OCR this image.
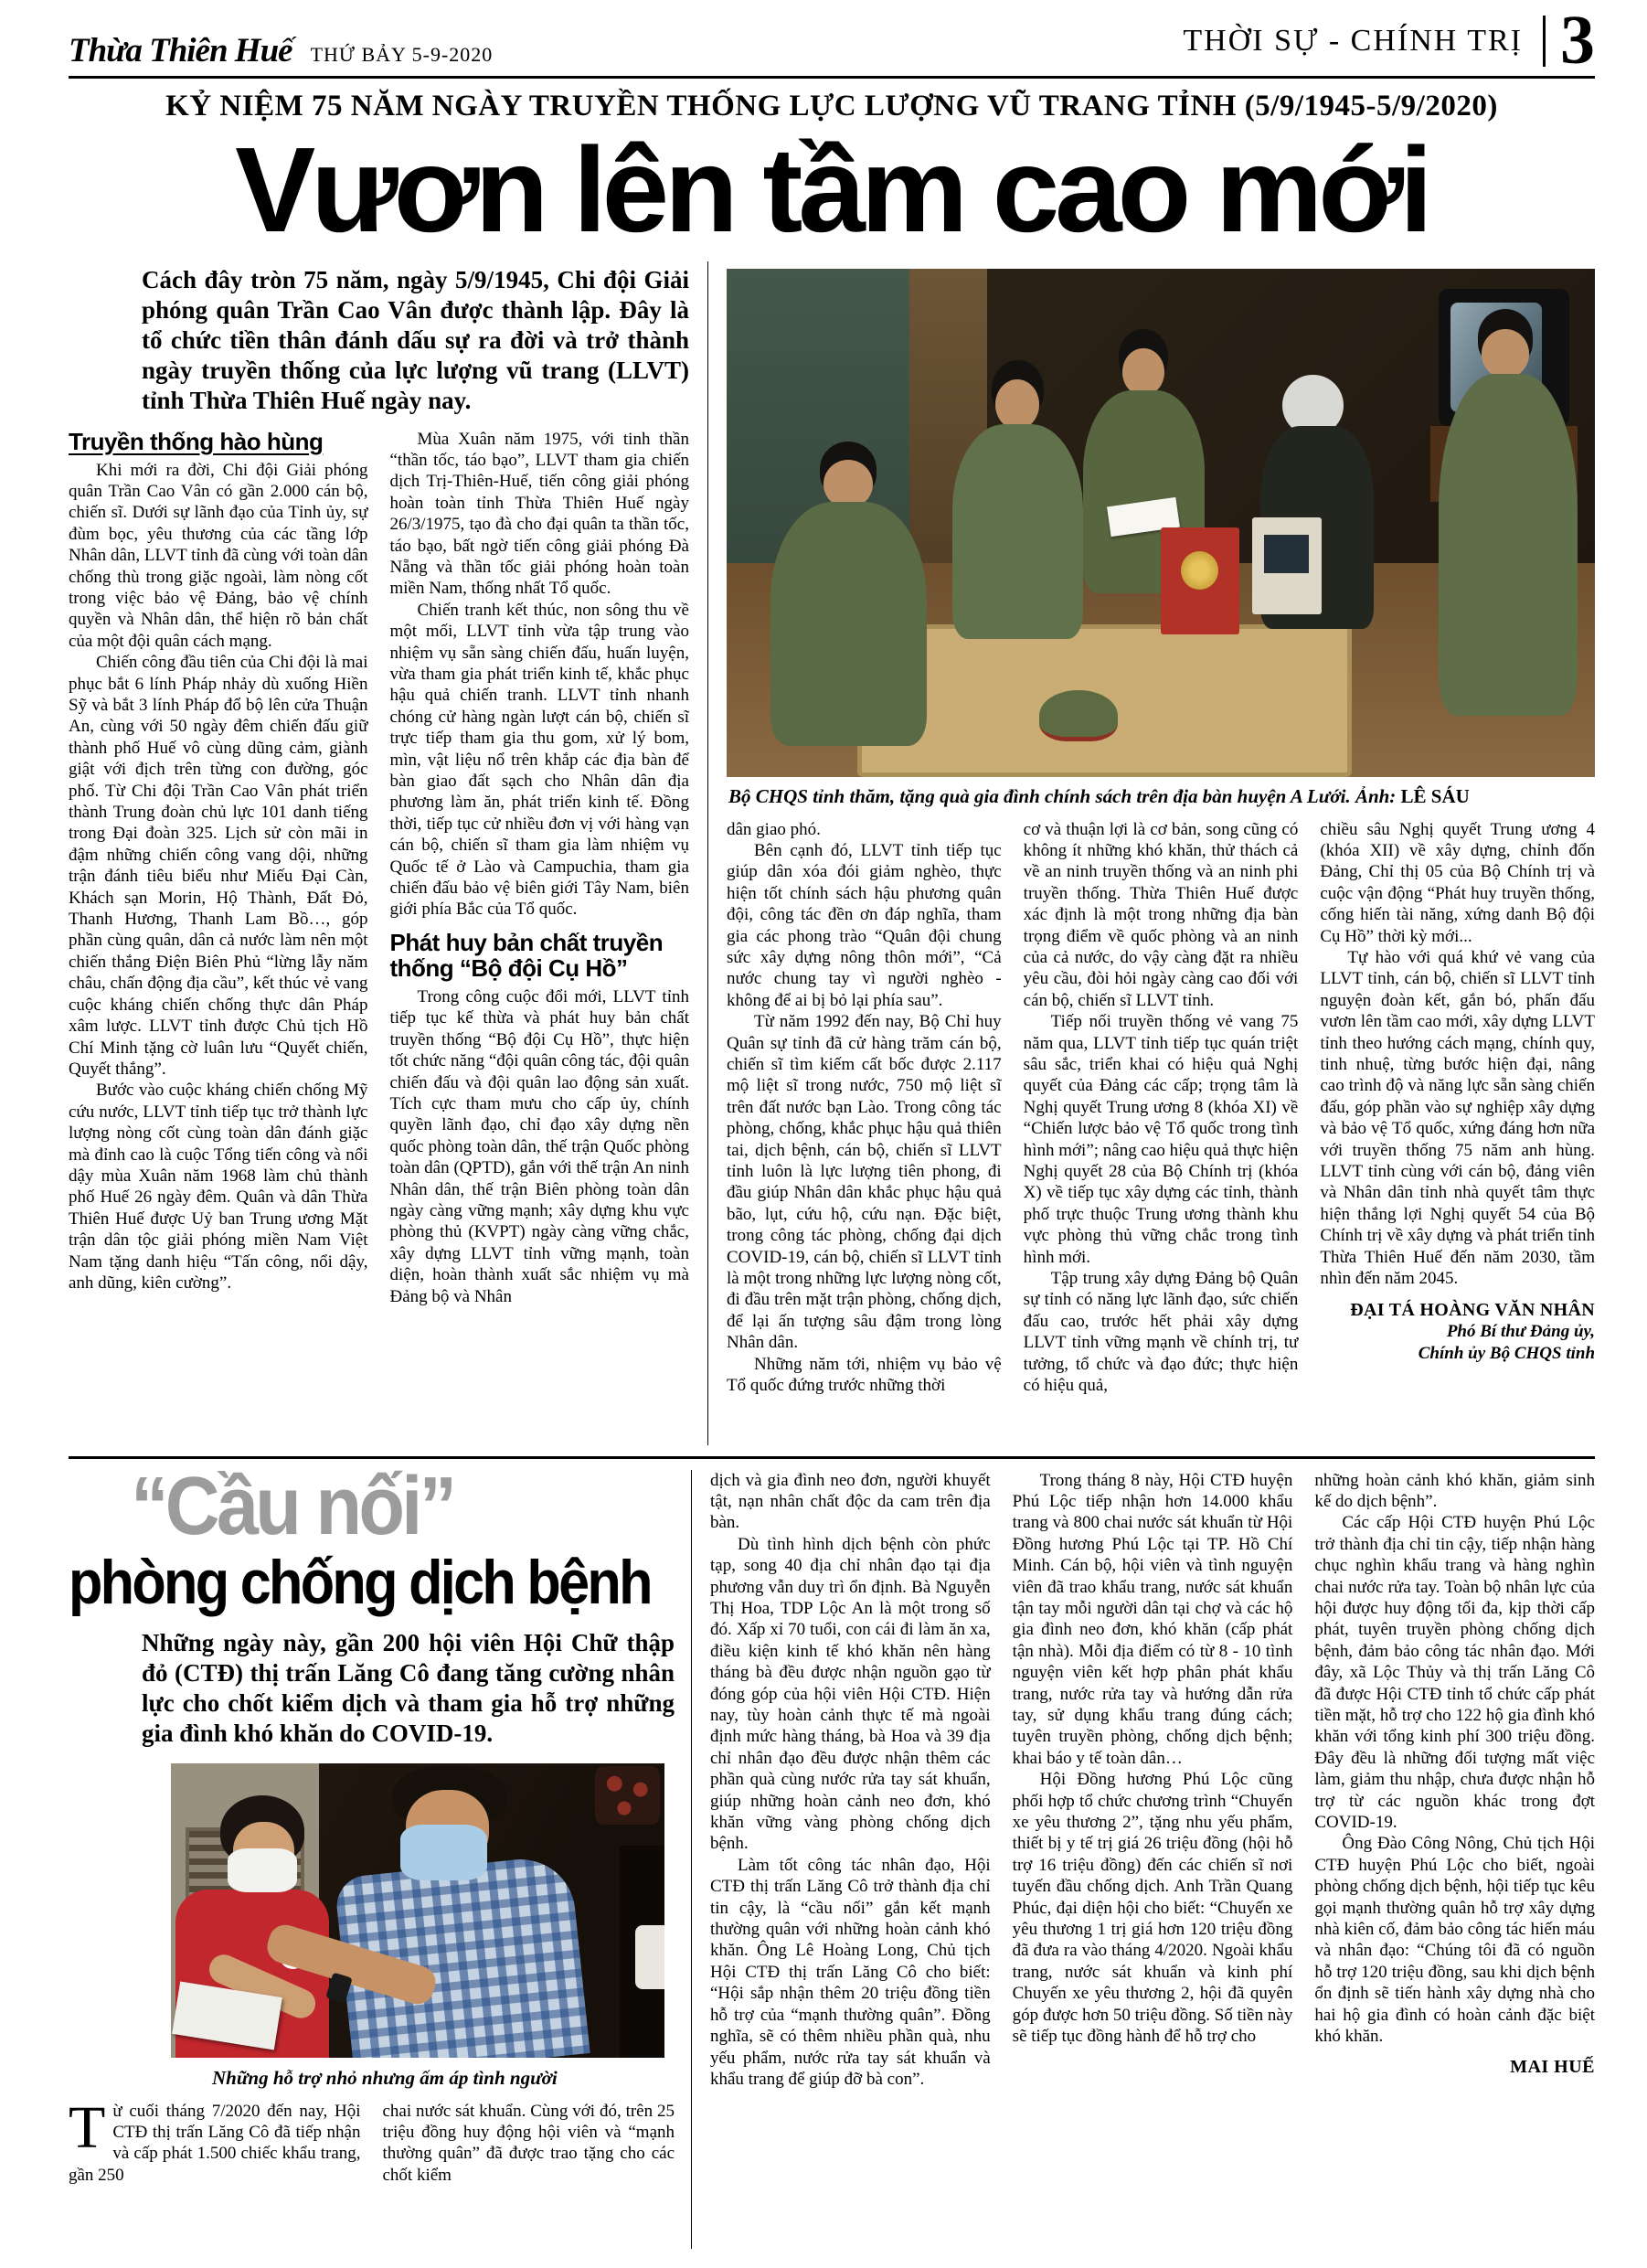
Thừa Thiên Huế THỨ BẢY 5-9-2020	THỜI SỰ - CHÍNH TRỊ 3
KỶ NIỆM 75 NĂM NGÀY TRUYỀN THỐNG LỰC LƯỢNG VŨ TRANG TỈNH (5/9/1945-5/9/2020)
Vươn lên tầm cao mới
Cách đây tròn 75 năm, ngày 5/9/1945, Chi đội Giải phóng quân Trần Cao Vân được thành lập. Đây là tổ chức tiền thân đánh dấu sự ra đời và trở thành ngày truyền thống của lực lượng vũ trang (LLVT) tỉnh Thừa Thiên Huế ngày nay.
Truyền thống hào hùng

Khi mới ra đời, Chi đội Giải phóng quân Trần Cao Vân có gần 2.000 cán bộ, chiến sĩ. Dưới sự lãnh đạo của Tỉnh ủy, sự đùm bọc, yêu thương của các tầng lớp Nhân dân, LLVT tỉnh đã cùng với toàn dân chống thù trong giặc ngoài, làm nòng cốt trong việc bảo vệ Đảng, bảo vệ chính quyền và Nhân dân, thể hiện rõ bản chất của một đội quân cách mạng.

Chiến công đầu tiên của Chi đội là mai phục bắt 6 lính Pháp nhảy dù xuống Hiền Sỹ và bắt 3 lính Pháp đổ bộ lên cửa Thuận An, cùng với 50 ngày đêm chiến đấu giữ thành phố Huế vô cùng dũng cảm, giành giật với địch trên từng con đường, góc phố. Từ Chi đội Trần Cao Vân phát triển thành Trung đoàn chủ lực 101 danh tiếng trong Đại đoàn 325. Lịch sử còn mãi in đậm những chiến công vang dội, những trận đánh tiêu biểu như Miếu Đại Càn, Khách sạn Morin, Hộ Thành, Đất Đỏ, Thanh Hương, Thanh Lam Bồ…, góp phần cùng quân, dân cả nước làm nên một chiến thắng Điện Biên Phủ “lừng lẫy năm châu, chấn động địa cầu”, kết thúc vẻ vang cuộc kháng chiến chống thực dân Pháp xâm lược. LLVT tỉnh được Chủ tịch Hồ Chí Minh tặng cờ luân lưu “Quyết chiến, Quyết thắng”.

Bước vào cuộc kháng chiến chống Mỹ cứu nước, LLVT tỉnh tiếp tục trở thành lực lượng nòng cốt cùng toàn dân đánh giặc mà đỉnh cao là cuộc Tổng tiến công và nổi dậy mùa Xuân năm 1968 làm chủ thành phố Huế 26 ngày đêm. Quân và dân Thừa Thiên Huế được Uỷ ban Trung ương Mặt trận dân tộc giải phóng miền Nam Việt Nam tặng danh hiệu “Tấn công, nổi dậy, anh dũng, kiên cường”.

Mùa Xuân năm 1975, với tinh thần “thần tốc, táo bạo”, LLVT tham gia chiến dịch Trị-Thiên-Huế, tiến công giải phóng hoàn toàn tỉnh Thừa Thiên Huế ngày 26/3/1975, tạo đà cho đại quân ta thần tốc, táo bạo, bất ngờ tiến công giải phóng Đà Nẵng và thần tốc giải phóng hoàn toàn miền Nam, thống nhất Tổ quốc.

Chiến tranh kết thúc, non sông thu về một mối, LLVT tỉnh vừa tập trung vào nhiệm vụ sẵn sàng chiến đấu, huấn luyện, vừa tham gia phát triển kinh tế, khắc phục hậu quả chiến tranh. LLVT tỉnh nhanh chóng cử hàng ngàn lượt cán bộ, chiến sĩ trực tiếp tham gia thu gom, xử lý bom, mìn, vật liệu nổ trên khắp các địa bàn để bàn giao đất sạch cho Nhân dân địa phương làm ăn, phát triển kinh tế. Đồng thời, tiếp tục cử nhiều đơn vị với hàng vạn cán bộ, chiến sĩ tham gia làm nhiệm vụ Quốc tế ở Lào và Campuchia, tham gia chiến đấu bảo vệ biên giới Tây Nam, biên giới phía Bắc của Tổ quốc.

Phát huy bản chất truyền thống “Bộ đội Cụ Hồ”

Trong công cuộc đổi mới, LLVT tỉnh tiếp tục kế thừa và phát huy bản chất truyền thống “Bộ đội Cụ Hồ”, thực hiện tốt chức năng “đội quân công tác, đội quân chiến đấu và đội quân lao động sản xuất. Tích cực tham mưu cho cấp ủy, chính quyền lãnh đạo, chỉ đạo xây dựng nền quốc phòng toàn dân, thế trận Quốc phòng toàn dân (QPTD), gắn với thế trận An ninh Nhân dân, thế trận Biên phòng toàn dân ngày càng vững mạnh; xây dựng khu vực phòng thủ (KVPT) ngày càng vững chắc, xây dựng LLVT tỉnh vững mạnh, toàn diện, hoàn thành xuất sắc nhiệm vụ mà Đảng bộ và Nhân

Bộ CHQS tỉnh thăm, tặng quà gia đình chính sách trên địa bàn huyện A Lưới. Ảnh: LÊ SÁU

dân giao phó.

Bên cạnh đó, LLVT tỉnh tiếp tục giúp dân xóa đói giảm nghèo, thực hiện tốt chính sách hậu phương quân đội, công tác đền ơn đáp nghĩa, tham gia các phong trào “Quân đội chung sức xây dựng nông thôn mới”, “Cả nước chung tay vì người nghèo - không để ai bị bỏ lại phía sau”.

Từ năm 1992 đến nay, Bộ Chỉ huy Quân sự tỉnh đã cử hàng trăm cán bộ, chiến sĩ tìm kiếm cất bốc được 2.117 mộ liệt sĩ trong nước, 750 mộ liệt sĩ trên đất nước bạn Lào. Trong công tác phòng, chống, khắc phục hậu quả thiên tai, dịch bệnh, cán bộ, chiến sĩ LLVT tỉnh luôn là lực lượng tiên phong, đi đầu giúp Nhân dân khắc phục hậu quả bão, lụt, cứu hộ, cứu nạn. Đặc biệt, trong công tác phòng, chống đại dịch COVID-19, cán bộ, chiến sĩ LLVT tỉnh là một trong những lực lượng nòng cốt, đi đầu trên mặt trận phòng, chống dịch, để lại ấn tượng sâu đậm trong lòng Nhân dân.

Những năm tới, nhiệm vụ bảo vệ Tổ quốc đứng trước những thời

cơ và thuận lợi là cơ bản, song cũng có không ít những khó khăn, thử thách cả về an ninh truyền thống và an ninh phi truyền thống. Thừa Thiên Huế được xác định là một trong những địa bàn trọng điểm về quốc phòng và an ninh của cả nước, do vậy càng đặt ra nhiều yêu cầu, đòi hỏi ngày càng cao đối với cán bộ, chiến sĩ LLVT tỉnh.

Tiếp nối truyền thống vẻ vang 75 năm qua, LLVT tỉnh tiếp tục quán triệt sâu sắc, triển khai có hiệu quả Nghị quyết của Đảng các cấp; trọng tâm là Nghị quyết Trung ương 8 (khóa XI) về “Chiến lược bảo vệ Tổ quốc trong tình hình mới”; nâng cao hiệu quả thực hiện Nghị quyết 28 của Bộ Chính trị (khóa X) về tiếp tục xây dựng các tỉnh, thành phố trực thuộc Trung ương thành khu vực phòng thủ vững chắc trong tình hình mới.

Tập trung xây dựng Đảng bộ Quân sự tỉnh có năng lực lãnh đạo, sức chiến đấu cao, trước hết phải xây dựng LLVT tỉnh vững mạnh về chính trị, tư tưởng, tổ chức và đạo đức; thực hiện có hiệu quả,

chiều sâu Nghị quyết Trung ương 4 (khóa XII) về xây dựng, chỉnh đốn Đảng, Chỉ thị 05 của Bộ Chính trị và cuộc vận động “Phát huy truyền thống, cống hiến tài năng, xứng danh Bộ đội Cụ Hồ” thời kỳ mới...

Tự hào với quá khứ vẻ vang của LLVT tỉnh, cán bộ, chiến sĩ LLVT tỉnh nguyện đoàn kết, gắn bó, phấn đấu vươn lên tầm cao mới, xây dựng LLVT tỉnh theo hướng cách mạng, chính quy, tinh nhuệ, từng bước hiện đại, nâng cao trình độ và năng lực sẵn sàng chiến đấu, góp phần vào sự nghiệp xây dựng và bảo vệ Tổ quốc, xứng đáng hơn nữa với truyền thống 75 năm anh hùng. LLVT tỉnh cùng với cán bộ, đảng viên và Nhân dân tỉnh nhà quyết tâm thực hiện thắng lợi Nghị quyết 54 của Bộ Chính trị về xây dựng và phát triển tỉnh Thừa Thiên Huế đến năm 2030, tầm nhìn đến năm 2045.

ĐẠI TÁ HOÀNG VĂN NHÂN
Phó Bí thư Đảng ủy,
Chính ủy Bộ CHQS tỉnh
“Cầu nối”
phòng chống dịch bệnh
Những ngày này, gần 200 hội viên Hội Chữ thập đỏ (CTĐ) thị trấn Lăng Cô đang tăng cường nhân lực cho chốt kiểm dịch và tham gia hỗ trợ những gia đình khó khăn do COVID-19.
Những hỗ trợ nhỏ nhưng ấm áp tình người

Từ cuối tháng 7/2020 đến nay, Hội CTĐ thị trấn Lăng Cô đã tiếp nhận và cấp phát 1.500 chiếc khẩu trang, gần 250

chai nước sát khuẩn. Cùng với đó, trên 25 triệu đồng huy động hội viên và “mạnh thường quân” đã được trao tặng cho các chốt kiểm

dịch và gia đình neo đơn, người khuyết tật, nạn nhân chất độc da cam trên địa bàn.

Dù tình hình dịch bệnh còn phức tạp, song 40 địa chỉ nhân đạo tại địa phương vẫn duy trì ổn định. Bà Nguyễn Thị Hoa, TDP Lộc An là một trong số đó. Xấp xỉ 70 tuổi, con cái đi làm ăn xa, điều kiện kinh tế khó khăn nên hàng tháng bà đều được nhận nguồn gạo từ đóng góp của hội viên Hội CTĐ. Hiện nay, tùy hoàn cảnh thực tế mà ngoài định mức hàng tháng, bà Hoa và 39 địa chỉ nhân đạo đều được nhận thêm các phần quà cùng nước rửa tay sát khuẩn, giúp những hoàn cảnh neo đơn, khó khăn vững vàng phòng chống dịch bệnh.

Làm tốt công tác nhân đạo, Hội CTĐ thị trấn Lăng Cô trở thành địa chỉ tin cậy, là “cầu nối” gắn kết mạnh thường quân với những hoàn cảnh khó khăn. Ông Lê Hoàng Long, Chủ tịch Hội CTĐ thị trấn Lăng Cô cho biết: “Hội sắp nhận thêm 20 triệu đồng tiền hỗ trợ của “mạnh thường quân”. Đồng nghĩa, sẽ có thêm nhiều phần quà, nhu yếu phẩm, nước rửa tay sát khuẩn và khẩu trang để giúp đỡ bà con”.

Trong tháng 8 này, Hội CTĐ huyện Phú Lộc tiếp nhận hơn 14.000 khẩu trang và 800 chai nước sát khuẩn từ Hội Đồng hương Phú Lộc tại TP. Hồ Chí Minh. Cán bộ, hội viên và tình nguyện viên đã trao khẩu trang, nước sát khuẩn tận tay mỗi người dân tại chợ và các hộ gia đình neo đơn, khó khăn (cấp phát tận nhà). Mỗi địa điểm có từ 8 - 10 tình nguyện viên kết hợp phân phát khẩu trang, nước rửa tay và hướng dẫn rửa tay, sử dụng khẩu trang đúng cách; tuyên truyền phòng, chống dịch bệnh; khai báo y tế toàn dân…

Hội Đồng hương Phú Lộc cũng phối hợp tổ chức chương trình “Chuyến xe yêu thương 2”, tặng nhu yếu phẩm, thiết bị y tế trị giá 26 triệu đồng (hội hỗ trợ 16 triệu đồng) đến các chiến sĩ nơi tuyến đầu chống dịch. Anh Trần Quang Phúc, đại diện hội cho biết: “Chuyến xe yêu thương 1 trị giá hơn 120 triệu đồng đã đưa ra vào tháng 4/2020. Ngoài khẩu trang, nước sát khuẩn và kinh phí Chuyến xe yêu thương 2, hội đã quyên góp được hơn 50 triệu đồng. Số tiền này sẽ tiếp tục đồng hành để hỗ trợ cho

những hoàn cảnh khó khăn, giảm sinh kế do dịch bệnh”.

Các cấp Hội CTĐ huyện Phú Lộc trở thành địa chỉ tin cậy, tiếp nhận hàng chục nghìn khẩu trang và hàng nghìn chai nước rửa tay. Toàn bộ nhân lực của hội được huy động tối đa, kịp thời cấp phát, tuyên truyền phòng chống dịch bệnh, đảm bảo công tác nhân đạo. Mới đây, xã Lộc Thủy và thị trấn Lăng Cô đã được Hội CTĐ tỉnh tổ chức cấp phát tiền mặt, hỗ trợ cho 122 hộ gia đình khó khăn với tổng kinh phí 300 triệu đồng. Đây đều là những đối tượng mất việc làm, giảm thu nhập, chưa được nhận hỗ trợ từ các nguồn khác trong đợt COVID-19.

Ông Đào Công Nông, Chủ tịch Hội CTĐ huyện Phú Lộc cho biết, ngoài phòng chống dịch bệnh, hội tiếp tục kêu gọi mạnh thường quân hỗ trợ xây dựng nhà kiên cố, đảm bảo công tác hiến máu và nhân đạo: “Chúng tôi đã có nguồn hỗ trợ 120 triệu đồng, sau khi dịch bệnh ổn định sẽ tiến hành xây dựng nhà cho hai hộ gia đình có hoàn cảnh đặc biệt khó khăn.

MAI HUẾ
